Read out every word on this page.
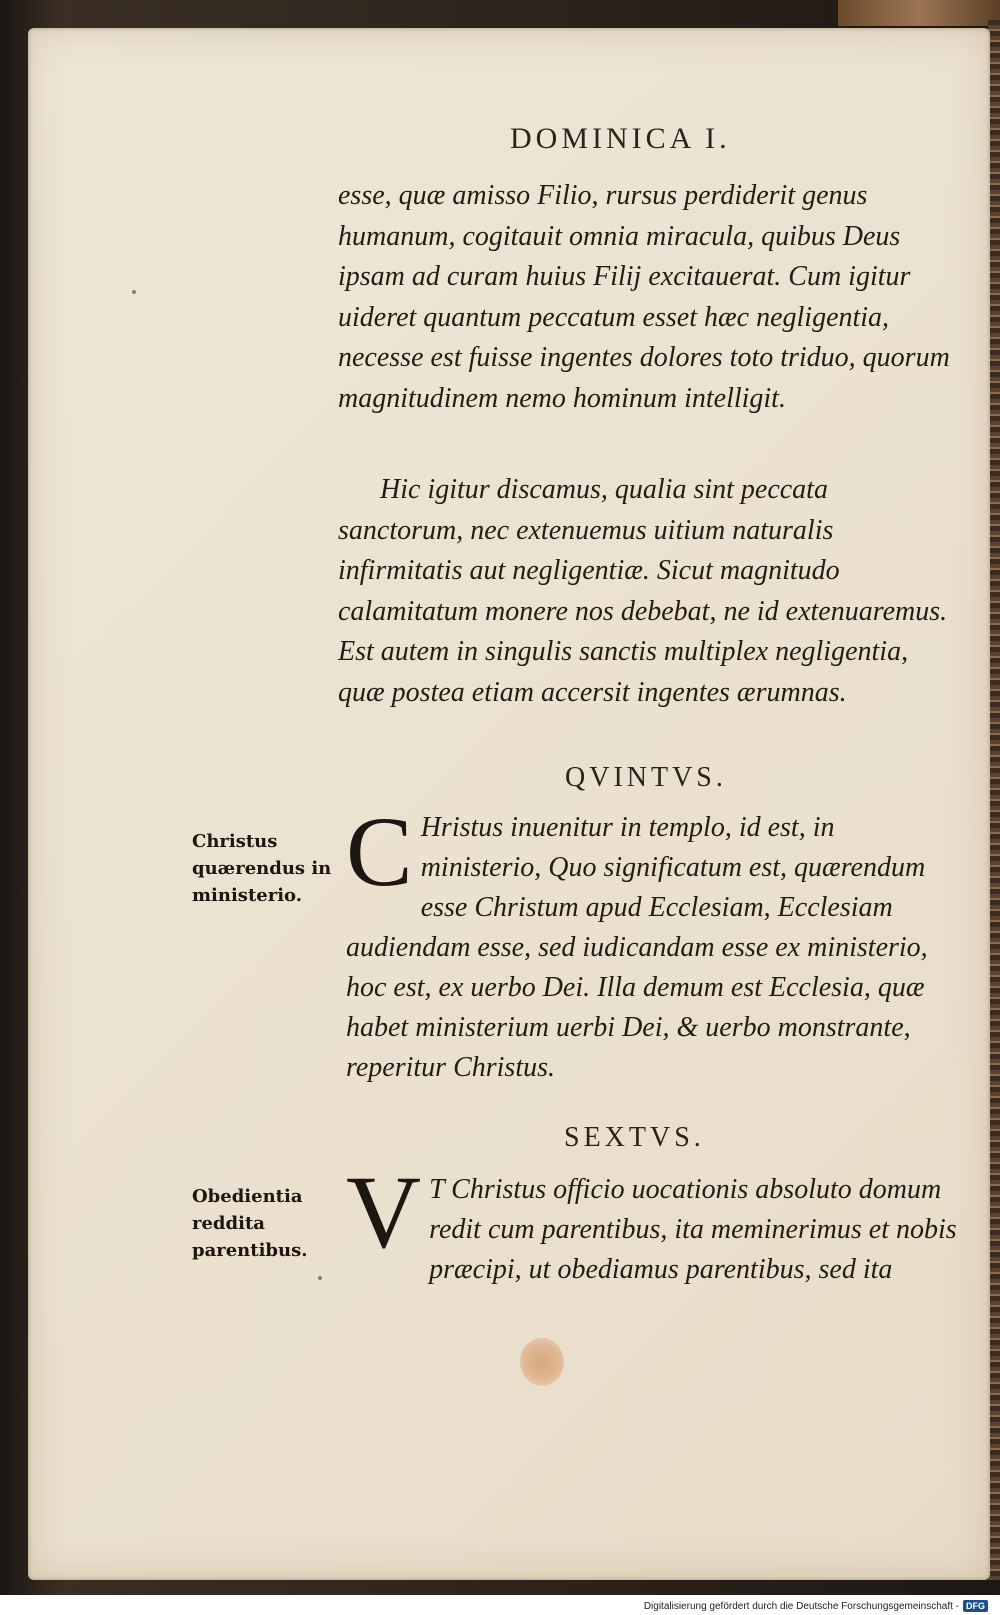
DOMINICA I.

esse, quæ amisso Filio, rursus perdiderit genus humanum, cogitauit omnia miracula, quibus Deus ipsam ad curam huius Filij excitauerat. Cum igitur uideret quantum peccatum esset hæc negligentia, necesse est fuisse ingentes dolores toto triduo, quorum magnitudinem nemo hominum intelligit.

Hic igitur discamus, qualia sint peccata sanctorum, nec extenuemus uitium naturalis infirmitatis aut negligentiæ. Sicut magnitudo calamitatum monere nos debebat, ne id extenuaremus. Est autem in singulis sanctis multiplex negligentia, quæ postea etiam accersit ingentes ærumnas.

QVINTVS.
Christus quærendus in ministerio. C Hristus inuenitur in templo, id est, in ministerio, Quo significatum est, quærendum esse Christum apud Ecclesiam, Ecclesiam audiendam esse, sed iudicandam esse ex ministerio, hoc est, ex uerbo Dei. Illa demum est Ecclesia, quæ habet ministerium uerbi Dei, & uerbo monstrante, reperitur Christus.
SEXTVS.
Obedientia reddita parentibus. V T Christus officio uocationis absoluto domum redit cum parentibus, ita meminerimus et nobis præcipi, ut obediamus parentibus, sed ita
Digitalisierung gefördert durch die Deutsche Forschungsgemeinschaft - DFG
